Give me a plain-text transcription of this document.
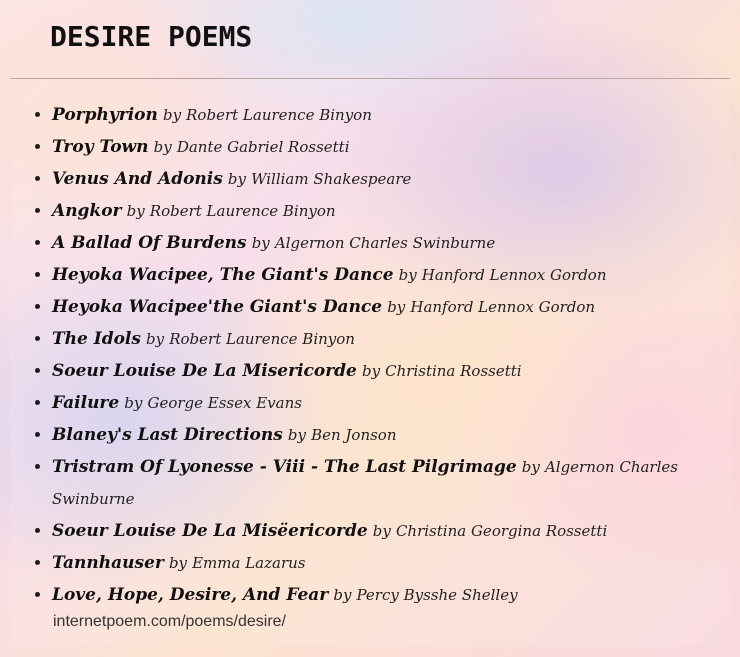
DESIRE POEMS
• Porphyrion by Robert Laurence Binyon
• Troy Town by Dante Gabriel Rossetti
• Venus And Adonis by William Shakespeare
• Angkor by Robert Laurence Binyon
• A Ballad Of Burdens by Algernon Charles Swinburne
• Heyoka Wacipee, The Giant's Dance by Hanford Lennox Gordon
• Heyoka Wacipee'the Giant's Dance by Hanford Lennox Gordon
• The Idols by Robert Laurence Binyon
• Soeur Louise De La Misericorde by Christina Rossetti
• Failure by George Essex Evans
• Blaney's Last Directions by Ben Jonson
• Tristram Of Lyonesse - Viii - The Last Pilgrimage by Algernon Charles Swinburne
• Soeur Louise De La Misëericorde by Christina Georgina Rossetti
• Tannhauser by Emma Lazarus
• Love, Hope, Desire, And Fear by Percy Bysshe Shelley
internetpoem.com/poems/desire/
